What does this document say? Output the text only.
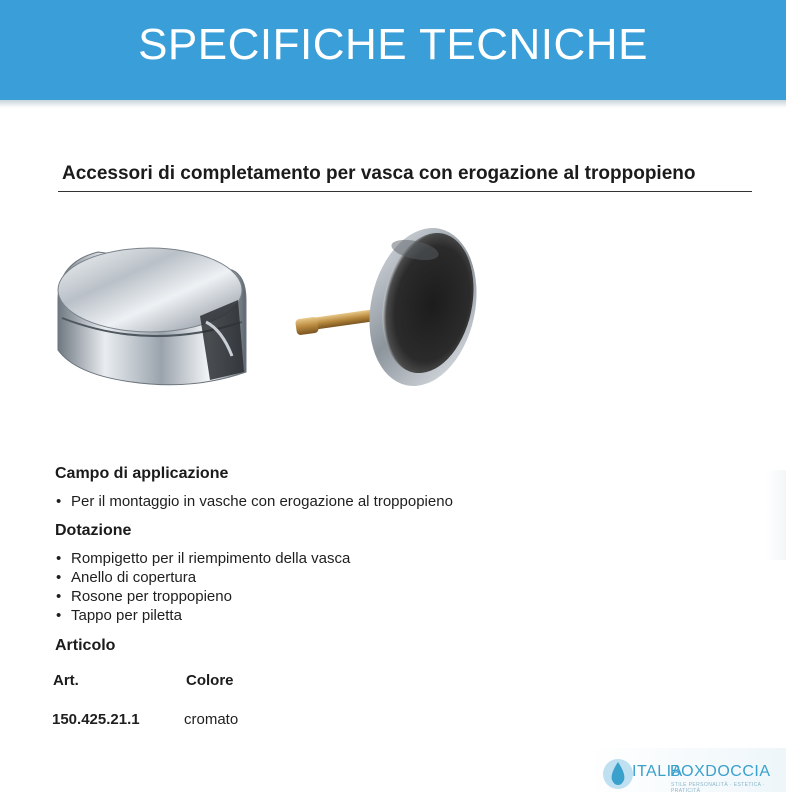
SPECIFICHE TECNICHE
Accessori di completamento per vasca con erogazione al troppopieno
Campo di applicazione
• Per il montaggio in vasche con erogazione al troppopieno
Dotazione
• Rompigetto per il riempimento della vasca
• Anello di copertura
• Rosone per troppopieno
• Tappo per piletta
Articolo
Art.	Colore
150.425.21.1	cromato
ITALIA
BOXDOCCIA
STILE PERSONALITÀ · ESTETICA · PRATICITÀ
